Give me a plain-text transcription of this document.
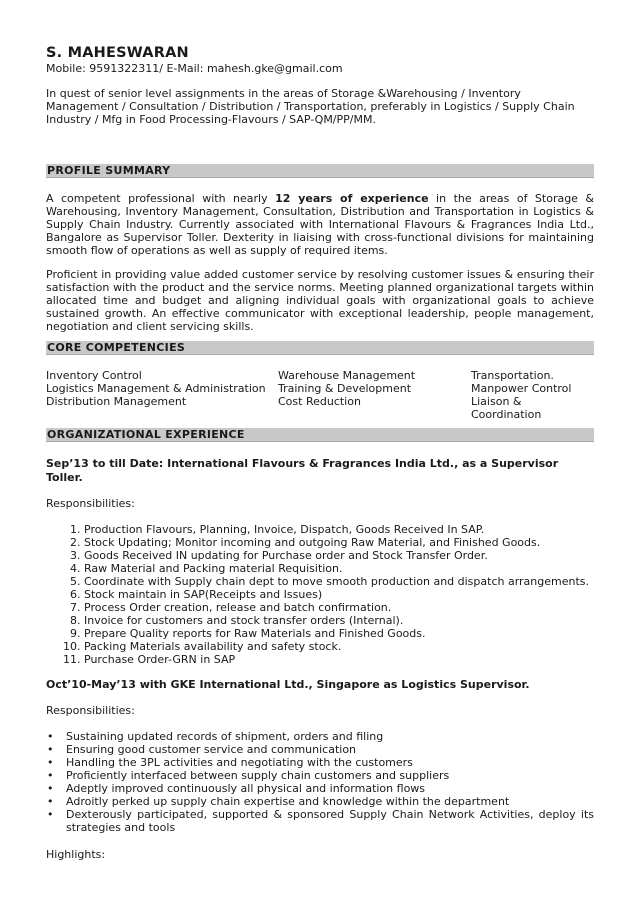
S. MAHESWARAN
Mobile: 9591322311/ E-Mail: mahesh.gke@gmail.com

In quest of senior level assignments in the areas of Storage &Warehousing / Inventory Management / Consultation / Distribution / Transportation, preferably in Logistics / Supply Chain Industry / Mfg in Food Processing-Flavours / SAP-QM/PP/MM.

PROFILE SUMMARY

A competent professional with nearly 12 years of experience in the areas of Storage & Warehousing, Inventory Management, Consultation, Distribution and Transportation in Logistics & Supply Chain Industry. Currently associated with International Flavours & Fragrances India Ltd., Bangalore as Supervisor Toller. Dexterity in liaising with cross-functional divisions for maintaining smooth flow of operations as well as supply of required items.

Proficient in providing value added customer service by resolving customer issues & ensuring their satisfaction with the product and the service norms. Meeting planned organizational targets within allocated time and budget and aligning individual goals with organizational goals to achieve sustained growth. An effective communicator with exceptional leadership, people management, negotiation and client servicing skills.

CORE COMPETENCIES
Inventory Control	Warehouse Management	Transportation.
Logistics Management & Administration	Training & Development	Manpower Control
Distribution Management	Cost Reduction	Liaison & Coordination
ORGANIZATIONAL EXPERIENCE
Sep’13 to till Date: International Flavours & Fragrances India Ltd., as a Supervisor Toller.
Responsibilities:
1. Production Flavours, Planning, Invoice, Dispatch, Goods Received In SAP.
2. Stock Updating; Monitor incoming and outgoing Raw Material, and Finished Goods.
3. Goods Received IN updating for Purchase order and Stock Transfer Order.
4. Raw Material and Packing material Requisition.
5. Coordinate with Supply chain dept to move smooth production and dispatch arrangements.
6. Stock maintain in SAP(Receipts and Issues)
7. Process Order creation, release and batch confirmation.
8. Invoice for customers and stock transfer orders (Internal).
9. Prepare Quality reports for Raw Materials and Finished Goods.
10. Packing Materials availability and safety stock.
11. Purchase Order-GRN in SAP
Oct’10-May’13 with GKE International Ltd., Singapore as Logistics Supervisor.
Responsibilities:
• Sustaining updated records of shipment, orders and filing
• Ensuring good customer service and communication
• Handling the 3PL activities and negotiating with the customers
• Proficiently interfaced between supply chain customers and suppliers
• Adeptly improved continuously all physical and information flows
• Adroitly perked up supply chain expertise and knowledge within the department
• Dexterously participated, supported & sponsored Supply Chain Network Activities, deploy its strategies and tools
Highlights:
